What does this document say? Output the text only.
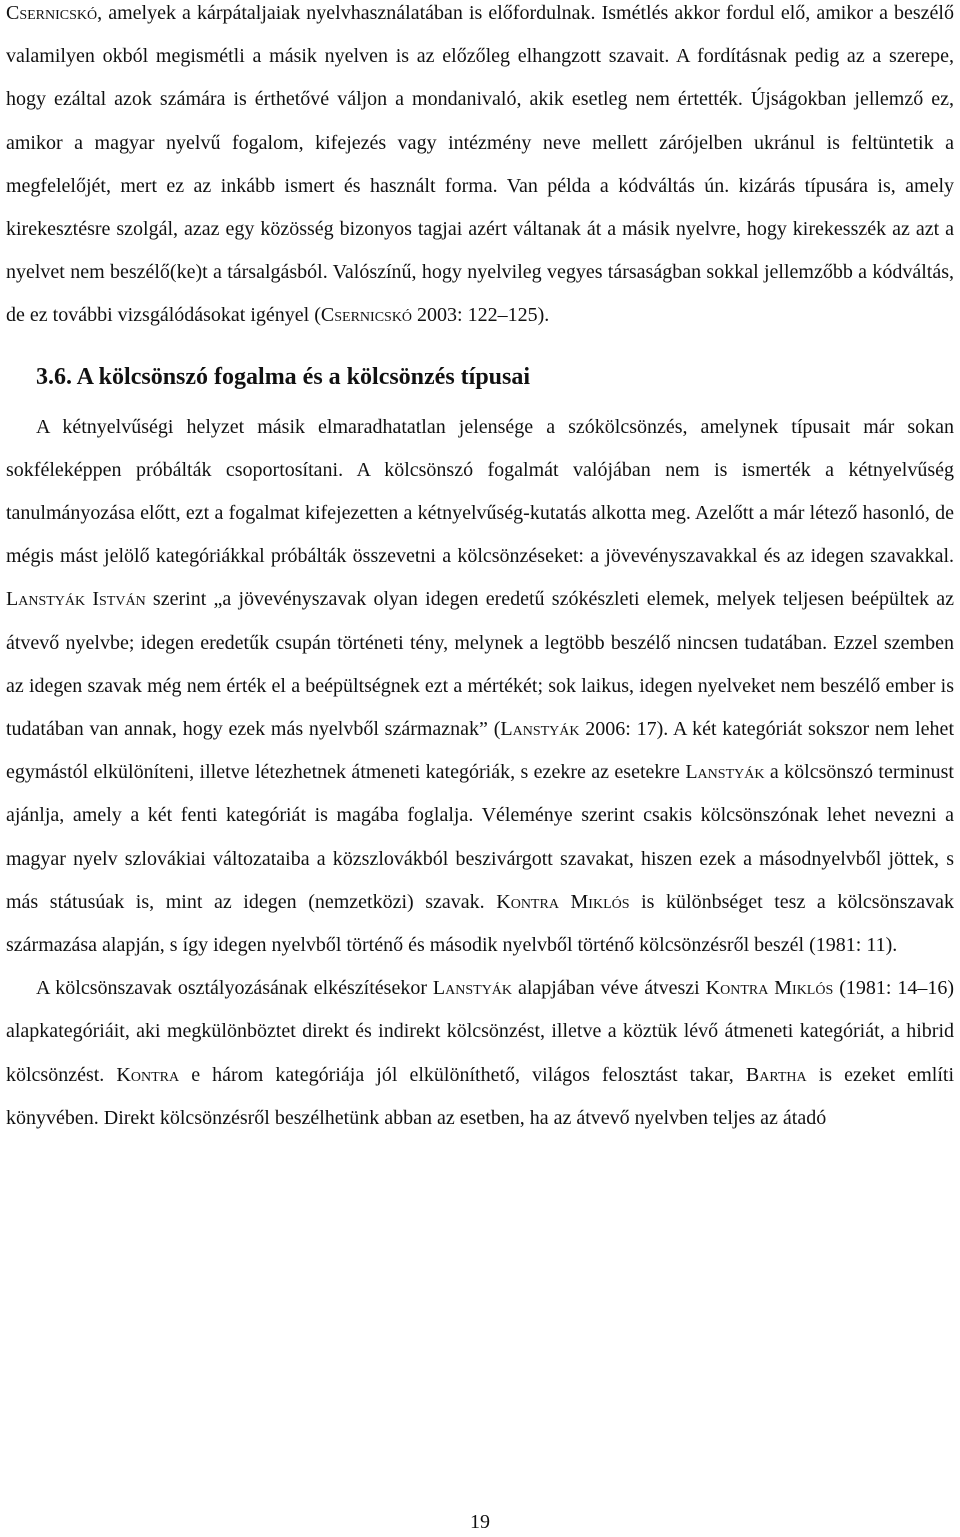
Csernicskó, amelyek a kárpátaljaiak nyelvhasználatában is előfordulnak. Ismétlés akkor fordul elő, amikor a beszélő valamilyen okból megismétli a másik nyelven is az előzőleg elhangzott szavait. A fordításnak pedig az a szerepe, hogy ezáltal azok számára is érthetővé váljon a mondanivaló, akik esetleg nem értették. Újságokban jellemző ez, amikor a magyar nyelvű fogalom, kifejezés vagy intézmény neve mellett zárójelben ukránul is feltüntetik a megfelelőjét, mert ez az inkább ismert és használt forma. Van példa a kódváltás ún. kizárás típusára is, amely kirekesztésre szolgál, azaz egy közösség bizonyos tagjai azért váltanak át a másik nyelvre, hogy kirekesszék az azt a nyelvet nem beszélő(ke)t a társalgásból. Valószínű, hogy nyelvileg vegyes társaságban sokkal jellemzőbb a kódváltás, de ez további vizsgálódásokat igényel (Csernicskó 2003: 122–125).

3.6. A kölcsönszó fogalma és a kölcsönzés típusai

A kétnyelvűségi helyzet másik elmaradhatatlan jelensége a szókölcsönzés, amelynek típusait már sokan sokféleképpen próbálták csoportosítani. A kölcsönszó fogalmát valójában nem is ismerték a kétnyelvűség tanulmányozása előtt, ezt a fogalmat kifejezetten a kétnyelvűség-kutatás alkotta meg. Azelőtt a már létező hasonló, de mégis mást jelölő kategóriákkal próbálták összevetni a kölcsönzéseket: a jövevényszavakkal és az idegen szavakkal. Lanstyák István szerint „a jövevényszavak olyan idegen eredetű szókészleti elemek, melyek teljesen beépültek az átvevő nyelvbe; idegen eredetűk csupán történeti tény, melynek a legtöbb beszélő nincsen tudatában. Ezzel szemben az idegen szavak még nem érték el a beépültségnek ezt a mértékét; sok laikus, idegen nyelveket nem beszélő ember is tudatában van annak, hogy ezek más nyelvből származnak” (Lanstyák 2006: 17). A két kategóriát sokszor nem lehet egymástól elkülöníteni, illetve létezhetnek átmeneti kategóriák, s ezekre az esetekre Lanstyák a kölcsönszó terminust ajánlja, amely a két fenti kategóriát is magába foglalja. Véleménye szerint csakis kölcsönszónak lehet nevezni a magyar nyelv szlovákiai változataiba a közszlovákból beszivárgott szavakat, hiszen ezek a másodnyelvből jöttek, s más státusúak is, mint az idegen (nemzetközi) szavak. Kontra Miklós is különbséget tesz a kölcsönszavak származása alapján, s így idegen nyelvből történő és második nyelvből történő kölcsönzésről beszél (1981: 11).

A kölcsönszavak osztályozásának elkészítésekor Lanstyák alapjában véve átveszi Kontra Miklós (1981: 14–16) alapkategóriáit, aki megkülönböztet direkt és indirekt kölcsönzést, illetve a köztük lévő átmeneti kategóriát, a hibrid kölcsönzést. Kontra e három kategóriája jól elkülöníthető, világos felosztást takar, Bartha is ezeket említi könyvében. Direkt kölcsönzésről beszélhetünk abban az esetben, ha az átvevő nyelvben teljes az átadó

19
